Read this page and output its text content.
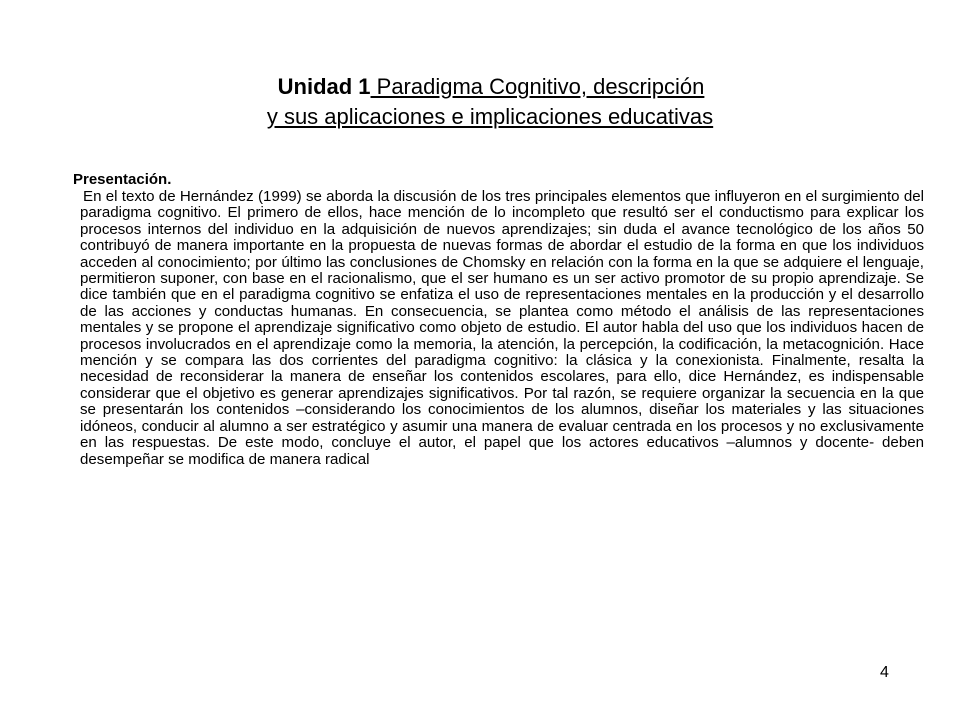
Unidad 1 Paradigma Cognitivo, descripción
y sus aplicaciones e implicaciones educativas
Presentación.

En el texto de Hernández (1999) se aborda la discusión de los tres principales elementos que influyeron en el surgimiento del paradigma cognitivo. El primero de ellos, hace mención de lo incompleto que resultó ser el conductismo para explicar los procesos internos del individuo en la adquisición de nuevos aprendizajes; sin duda el avance tecnológico de los años 50 contribuyó de manera importante en la propuesta de nuevas formas de abordar el estudio de la forma en que los individuos acceden al conocimiento; por último las conclusiones de Chomsky en relación con la forma en la que se adquiere el lenguaje, permitieron suponer, con base en el racionalismo, que el ser humano es un ser activo promotor de su propio aprendizaje. Se dice también que en el paradigma cognitivo se enfatiza el uso de representaciones mentales en la producción y el desarrollo de las acciones y conductas humanas. En consecuencia, se plantea como método el análisis de las representaciones mentales y se propone el aprendizaje significativo como objeto de estudio. El autor habla del uso que los individuos hacen de procesos involucrados en el aprendizaje como la memoria, la atención, la percepción, la codificación, la metacognición. Hace mención y se compara las dos corrientes del paradigma cognitivo: la clásica y la conexionista. Finalmente, resalta la necesidad de reconsiderar la manera de enseñar los contenidos escolares, para ello, dice Hernández, es indispensable considerar que el objetivo es generar aprendizajes significativos. Por tal razón, se requiere organizar la secuencia en la que se presentarán los contenidos –considerando los conocimientos de los alumnos, diseñar los materiales y las situaciones idóneos, conducir al alumno a ser estratégico y asumir una manera de evaluar centrada en los procesos y no exclusivamente en las respuestas. De este modo, concluye el autor, el papel que los actores educativos –alumnos y docente- deben desempeñar se modifica de manera radical

4
